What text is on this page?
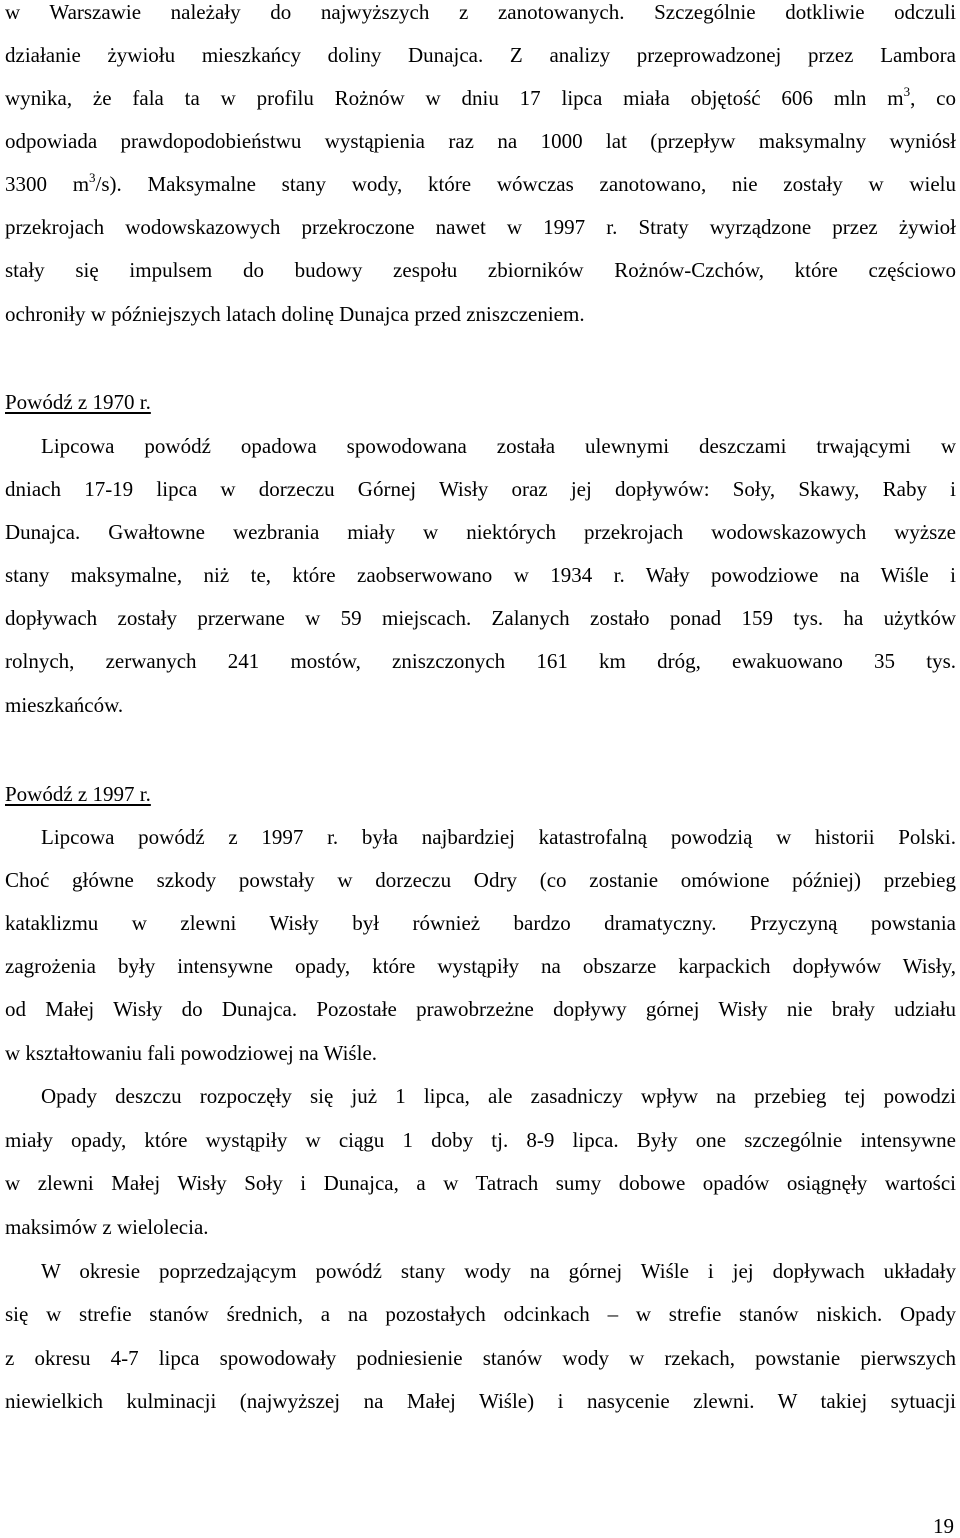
w Warszawie należały do najwyższych z zanotowanych. Szczególnie dotkliwie odczuli
działanie żywiołu mieszkańcy doliny Dunajca. Z analizy przeprowadzonej przez Lambora
wynika, że fala ta w profilu Rożnów w dniu 17 lipca miała objętość 606 mln $m^3$, co
odpowiada prawdopodobieństwu wystąpienia raz na 1000 lat (przepływ maksymalny wyniósł
3300 $m^3/s$). Maksymalne stany wody, które wówczas zanotowano, nie zostały w wielu
przekrojach wodowskazowych przekroczone nawet w 1997 r. Straty wyrządzone przez żywioł
stały się impulsem do budowy zespołu zbiorników Rożnów-Czchów, które częściowo
ochroniły w późniejszych latach dolinę Dunajca przed zniszczeniem.
Powódź z 1970 r.
Lipcowa powódź opadowa spowodowana została ulewnymi deszczami trwającymi w
dniach 17-19 lipca w dorzeczu Górnej Wisły oraz jej dopływów: Soły, Skawy, Raby i
Dunajca. Gwałtowne wezbrania miały w niektórych przekrojach wodowskazowych wyższe
stany maksymalne, niż te, które zaobserwowano w 1934 r. Wały powodziowe na Wiśle i
dopływach zostały przerwane w 59 miejscach. Zalanych zostało ponad 159 tys. ha użytków
rolnych, zerwanych 241 mostów, zniszczonych 161 km dróg, ewakuowano 35 tys.
mieszkańców.
Powódź z 1997 r.
Lipcowa powódź z 1997 r. była najbardziej katastrofalną powodzią w historii Polski.
Choć główne szkody powstały w dorzeczu Odry (co zostanie omówione później) przebieg
kataklizmu w zlewni Wisły był również bardzo dramatyczny. Przyczyną powstania
zagrożenia były intensywne opady, które wystąpiły na obszarze karpackich dopływów Wisły,
od Małej Wisły do Dunajca. Pozostałe prawobrzeżne dopływy górnej Wisły nie brały udziału
w kształtowaniu fali powodziowej na Wiśle.
Opady deszczu rozpoczęły się już 1 lipca, ale zasadniczy wpływ na przebieg tej powodzi
miały opady, które wystąpiły w ciągu 1 doby tj. 8-9 lipca. Były one szczególnie intensywne
w zlewni Małej Wisły Soły i Dunajca, a w Tatrach sumy dobowe opadów osiągnęły wartości
maksimów z wielolecia.
W okresie poprzedzającym powódź stany wody na górnej Wiśle i jej dopływach układały
się w strefie stanów średnich, a na pozostałych odcinkach – w strefie stanów niskich. Opady
z okresu 4-7 lipca spowodowały podniesienie stanów wody w rzekach, powstanie pierwszych
niewielkich kulminacji (najwyższej na Małej Wiśle) i nasycenie zlewni. W takiej sytuacji
19
